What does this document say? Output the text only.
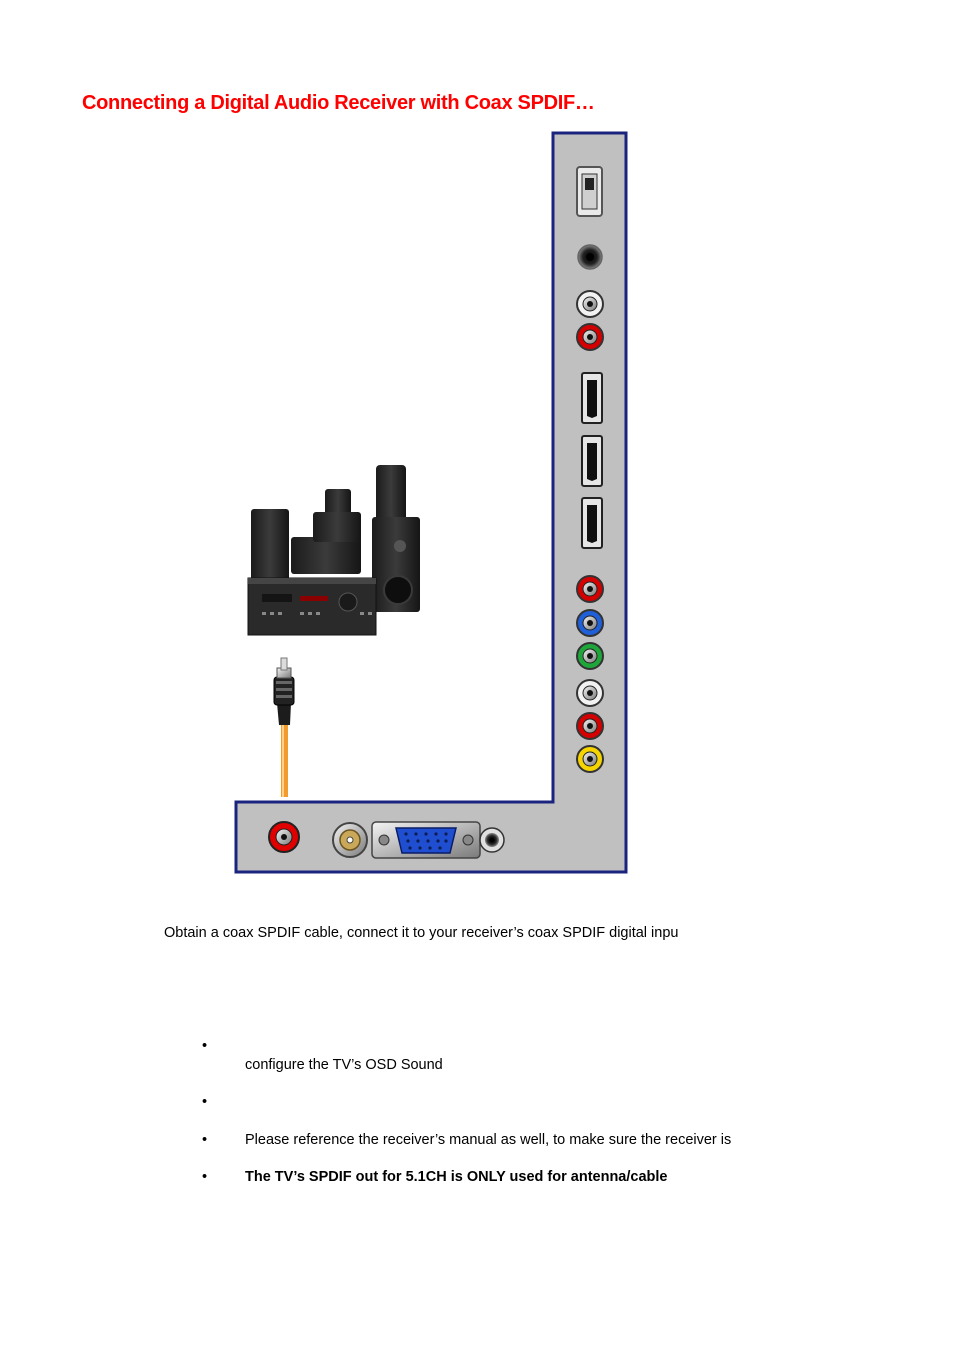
Connecting a Digital Audio Receiver with Coax SPDIF…

Obtain a coax SPDIF cable, connect it to your receiver’s coax SPDIF digital inpu

•
configure the TV’s OSD Sound
•
•	Please reference the receiver’s manual as well, to make sure the receiver is
•	The TV’s SPDIF out for 5.1CH is ONLY used for antenna/cable
